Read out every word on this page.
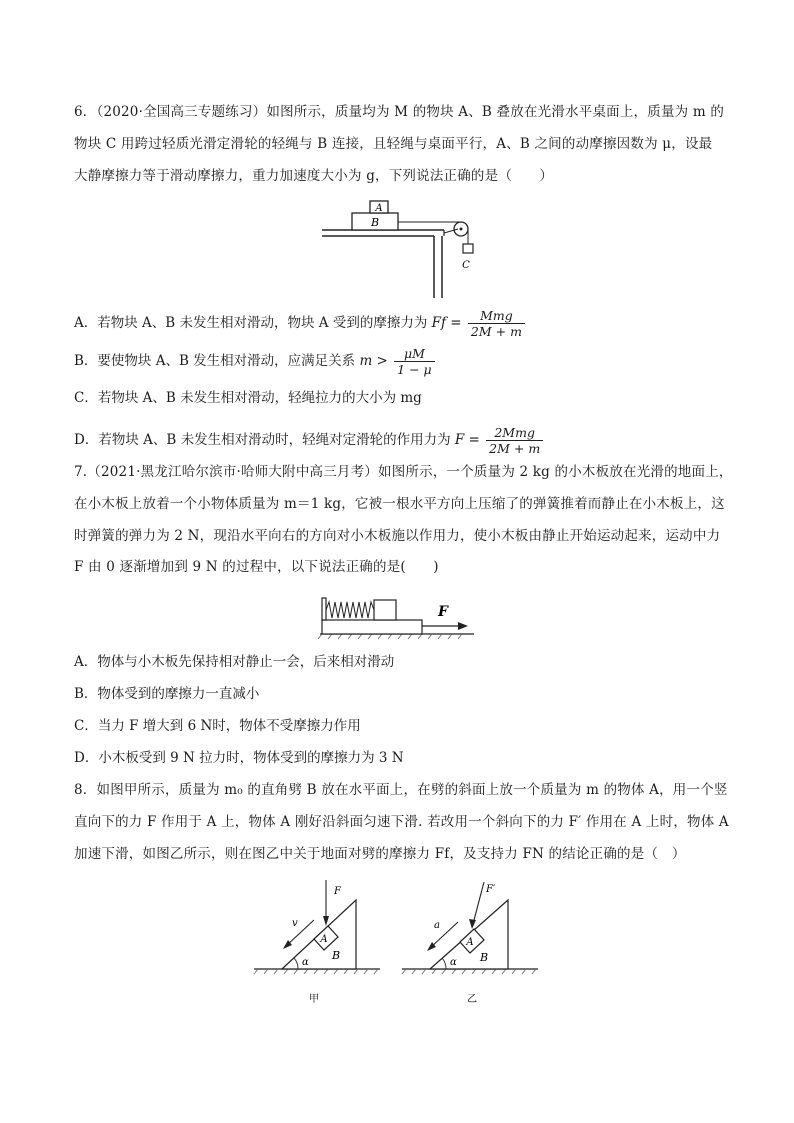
6．（2020·全国高三专题练习）如图所示，质量均为 M 的物块 A、B 叠放在光滑水平桌面上，质量为 m 的
物块 C 用跨过轻质光滑定滑轮的轻绳与 B 连接，且轻绳与桌面平行，A、B 之间的动摩擦因数为 μ，设最
大静摩擦力等于滑动摩擦力，重力加速度大小为 g，下列说法正确的是（　　）
A
B
C
A．若物块 A、B 未发生相对滑动，物块 A 受到的摩擦力为 $Ff = \frac{\text{Mmg}}{2M + m}$
B．要使物块 A、B 发生相对滑动，应满足关系 $m > \frac{\mu M}{1 - \mu}$
C．若物块 A、B 未发生相对滑动，轻绳拉力的大小为 mg
D．若物块 A、B 未发生相对滑动时，轻绳对定滑轮的作用力为 $F = \frac{\text{2Mmg}}{2M + m}$
7.（2021·黑龙江哈尔滨市·哈师大附中高三月考）如图所示，一个质量为 2 kg 的小木板放在光滑的地面上，
在小木板上放着一个小物体质量为 m＝1 kg，它被一根水平方向上压缩了的弹簧推着而静止在小木板上，这
时弹簧的弹力为 2 N，现沿水平向右的方向对小木板施以作用力，使小木板由静止开始运动起来，运动中力
F 由 0 逐渐增加到 9 N 的过程中，以下说法正确的是(　　)
F
A．物体与小木板先保持相对静止一会，后来相对滑动
B．物体受到的摩擦力一直减小
C．当力 F 增大到 6 N时，物体不受摩擦力作用
D．小木板受到 9 N 拉力时，物体受到的摩擦力为 3 N
8．如图甲所示，质量为 m₀ 的直角劈 B 放在水平面上，在劈的斜面上放一个质量为 m 的物体 A，用一个竖
直向下的力 F 作用于 A 上，物体 A 刚好沿斜面匀速下滑. 若改用一个斜向下的力 F′ 作用在 A 上时，物体 A
加速下滑，如图乙所示，则在图乙中关于地面对劈的摩擦力 Ff，及支持力 FN 的结论正确的是（　）
A
B
α
F
v
甲
A
B
α
F′
a
乙
